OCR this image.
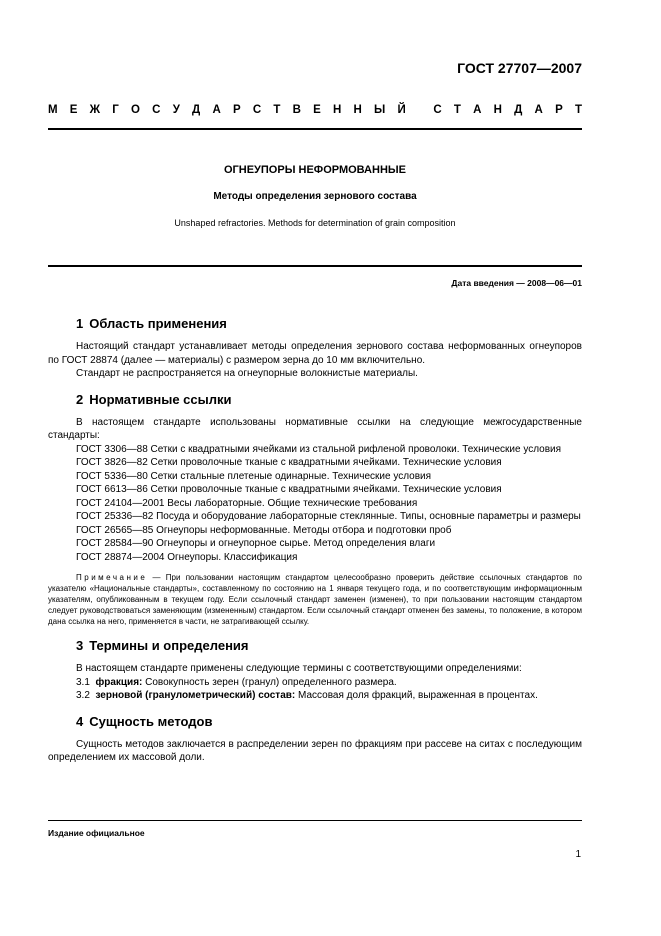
ГОСТ 27707—2007
М Е Ж Г О С У Д А Р С Т В Е Н Н Ы Й
С Т А Н Д А Р Т
ОГНЕУПОРЫ НЕФОРМОВАННЫЕ
Методы определения зернового состава
Unshaped refractories. Methods for determination of grain composition
Дата введения — 2008—06—01
1 Область применения

Настоящий стандарт устанавливает методы определения зернового состава неформованных огнеупоров по ГОСТ 28874 (далее — материалы) с размером зерна до 10 мм включительно.

Стандарт не распространяется на огнеупорные волокнистые материалы.

2 Нормативные ссылки

В настоящем стандарте использованы нормативные ссылки на следующие межгосударственные стандарты:

ГОСТ 3306—88 Сетки с квадратными ячейками из стальной рифленой проволоки. Технические условия

ГОСТ 3826—82 Сетки проволочные тканые с квадратными ячейками. Технические условия

ГОСТ 5336—80 Сетки стальные плетеные одинарные. Технические условия

ГОСТ 6613—86 Сетки проволочные тканые с квадратными ячейками. Технические условия

ГОСТ 24104—2001 Весы лабораторные. Общие технические требования

ГОСТ 25336—82 Посуда и оборудование лабораторные стеклянные. Типы, основные параметры и размеры

ГОСТ 26565—85 Огнеупоры неформованные. Методы отбора и подготовки проб

ГОСТ 28584—90 Огнеупоры и огнеупорное сырье. Метод определения влаги

ГОСТ 28874—2004 Огнеупоры. Классификация

Примечание — При пользовании настоящим стандартом целесообразно проверить действие ссылочных стандартов по указателю «Национальные стандарты», составленному по состоянию на 1 января текущего года, и по соответствующим информационным указателям, опубликованным в текущем году. Если ссылочный стандарт заменен (изменен), то при пользовании настоящим стандартом следует руководствоваться заменяющим (измененным) стандартом. Если ссылочный стандарт отменен без замены, то положение, в котором дана ссылка на него, применяется в части, не затрагивающей ссылку.

3 Термины и определения

В настоящем стандарте применены следующие термины с соответствующими определениями:

3.1 фракция: Совокупность зерен (гранул) определенного размера.

3.2 зерновой (гранулометрический) состав: Массовая доля фракций, выраженная в процентах.

4 Сущность методов

Сущность методов заключается в распределении зерен по фракциям при рассеве на ситах с последующим определением их массовой доли.

Издание официальное
1
